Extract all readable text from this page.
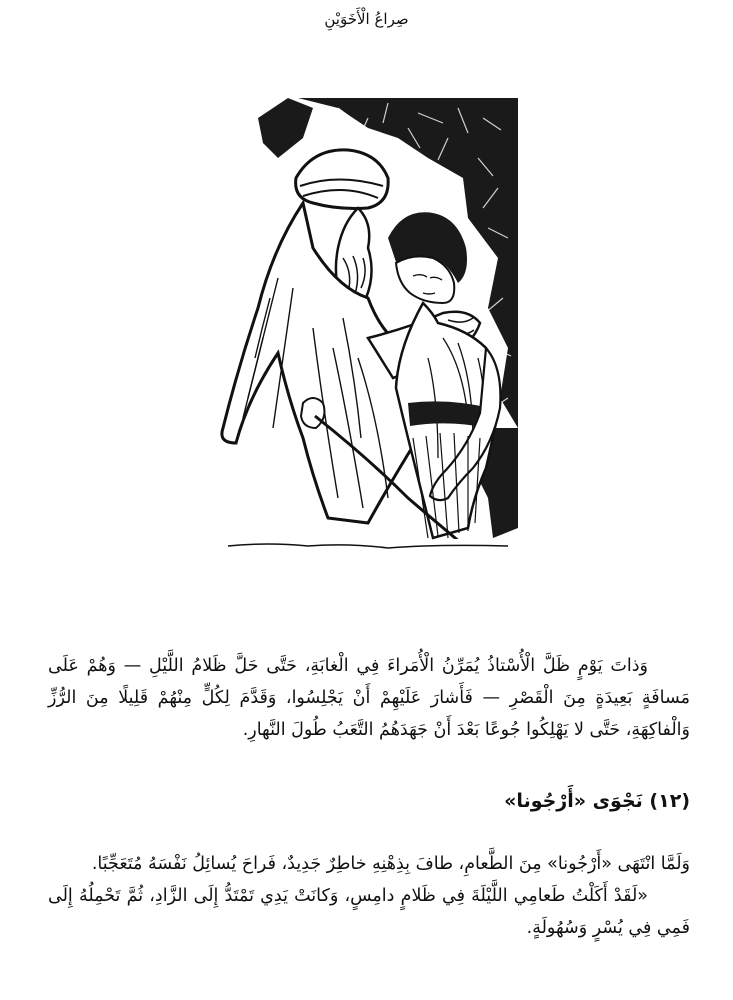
صِراعُ الْأَخَوَيْنِ

وَذاتَ يَوْمٍ ظَلَّ الْأُسْتاذُ يُمَرِّنُ الْأُمَراءَ فِي الْغابَةِ، حَتَّى حَلَّ ظَلامُ اللَّيْلِ — وَهُمْ عَلَى مَسافَةٍ بَعِيدَةٍ مِنَ الْقَصْرِ — فَأَشارَ عَلَيْهِمْ أَنْ يَجْلِسُوا، وَقَدَّمَ لِكُلٍّ مِنْهُمْ قَلِيلًا مِنَ الرُّزِّ وَالْفاكِهَةِ، حَتَّى لا يَهْلِكُوا جُوعًا بَعْدَ أَنْ جَهَدَهُمُ التَّعَبُ طُولَ النَّهارِ.

(١٢) نَجْوَى «أَرْجُونا»

وَلَمَّا انْتَهَى «أَرْجُونا» مِنَ الطَّعامِ، طافَ بِذِهْنِهِ خاطِرٌ جَدِيدٌ، فَراحَ يُسائِلُ نَفْسَهُ مُتَعَجِّبًا.

«لَقَدْ أَكَلْتُ طَعامِي اللَّيْلَةَ فِي ظَلامٍ دامِسٍ، وَكانَتْ يَدِي تَمْتَدُّ إِلَى الزَّادِ، ثُمَّ تَحْمِلُهُ إِلَى فَمِي فِي يُسْرٍ وَسُهُولَةٍ.
